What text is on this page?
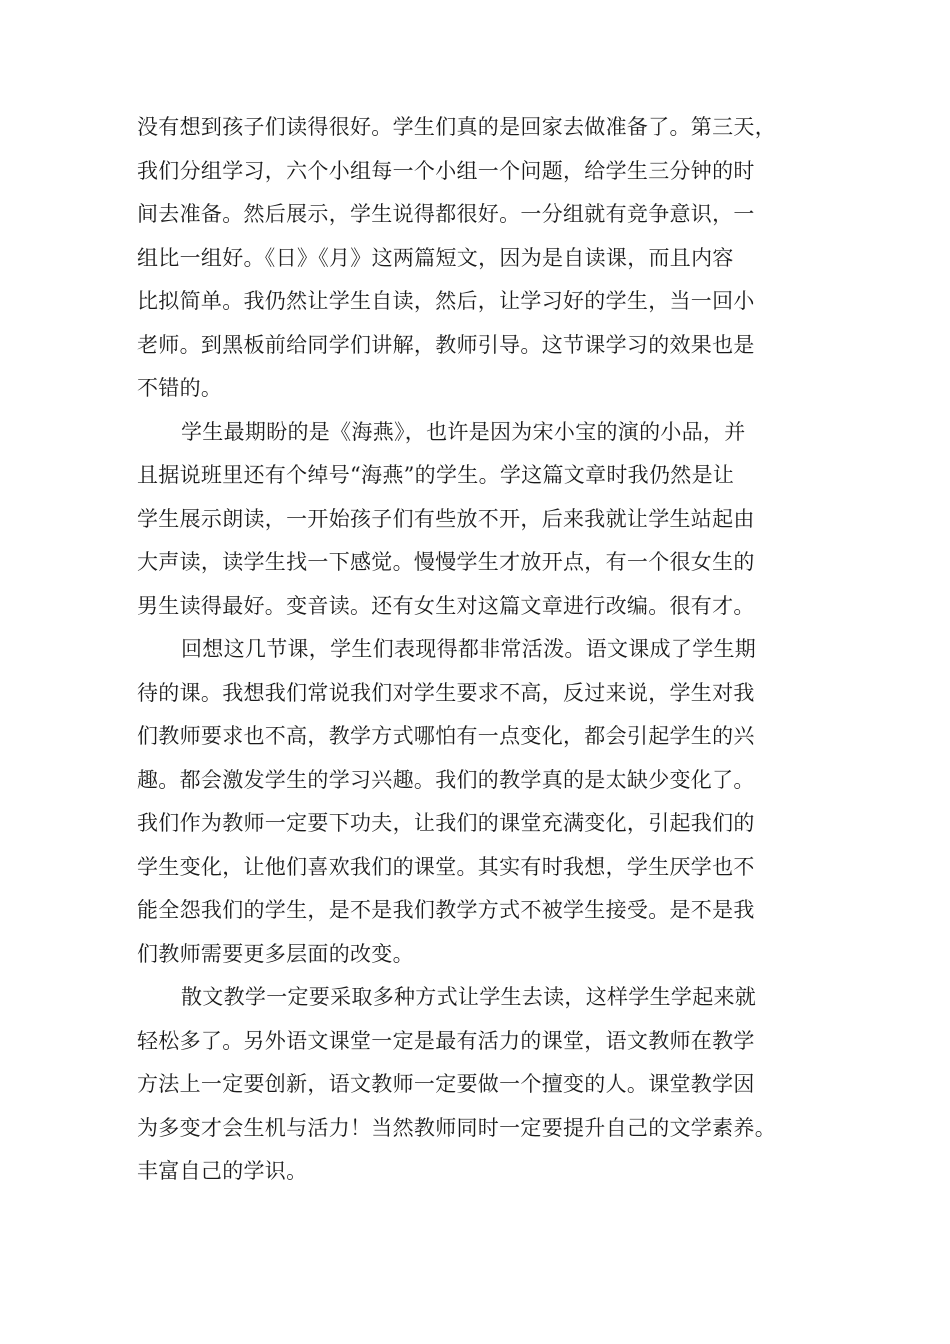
没有想到孩子们读得很好。学生们真的是回家去做准备了。第三天，
我们分组学习，六个小组每一个小组一个问题，给学生三分钟的时
间去准备。然后展示，学生说得都很好。一分组就有竞争意识，一
组比一组好。《日》《月》这两篇短文，因为是自读课，而且内容
比拟简单。我仍然让学生自读，然后，让学习好的学生，当一回小
老师。到黑板前给同学们讲解，教师引导。这节课学习的效果也是
不错的。
学生最期盼的是《海燕》，也许是因为宋小宝的演的小品，并
且据说班里还有个绰号“海燕”的学生。学这篇文章时我仍然是让
学生展示朗读，一开始孩子们有些放不开，后来我就让学生站起由
大声读，读学生找一下感觉。慢慢学生才放开点，有一个很女生的
男生读得最好。变音读。还有女生对这篇文章进行改编。很有才。
回想这几节课，学生们表现得都非常活泼。语文课成了学生期
待的课。我想我们常说我们对学生要求不高，反过来说，学生对我
们教师要求也不高，教学方式哪怕有一点变化，都会引起学生的兴
趣。都会激发学生的学习兴趣。我们的教学真的是太缺少变化了。
我们作为教师一定要下功夫，让我们的课堂充满变化，引起我们的
学生变化，让他们喜欢我们的课堂。其实有时我想，学生厌学也不
能全怨我们的学生，是不是我们教学方式不被学生接受。是不是我
们教师需要更多层面的改变。
散文教学一定要采取多种方式让学生去读，这样学生学起来就
轻松多了。另外语文课堂一定是最有活力的课堂，语文教师在教学
方法上一定要创新，语文教师一定要做一个擅变的人。课堂教学因
为多变才会生机与活力！当然教师同时一定要提升自己的文学素养。
丰富自己的学识。
